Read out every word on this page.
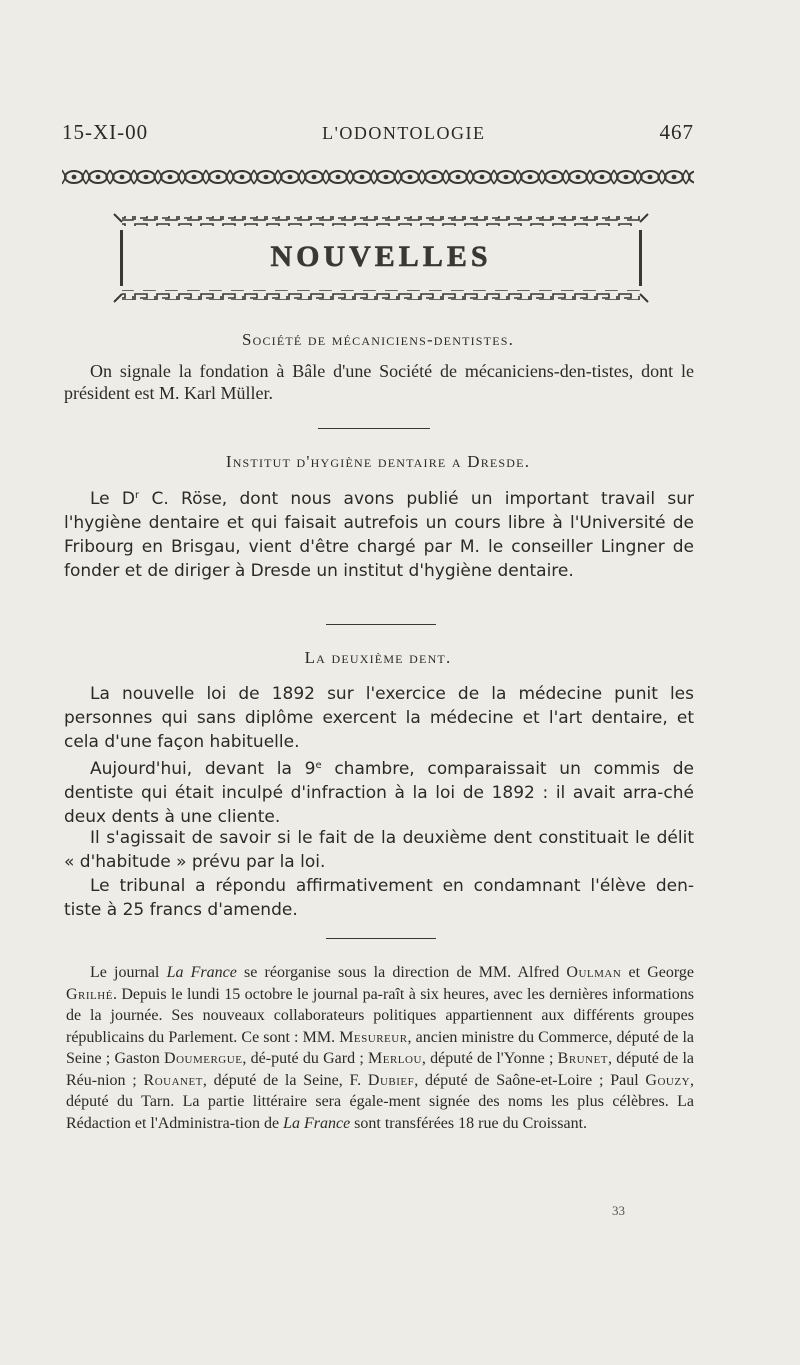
15-XI-00	L'ODONTOLOGIE	467
NOUVELLES
Société de mécaniciens-dentistes.
On signale la fondation à Bâle d'une Société de mécaniciens-den-tistes, dont le président est M. Karl Müller.
Institut d'hygiène dentaire a Dresde.
Le $D^r$ C. Röse, dont nous avons publié un important travail sur l'hygiène dentaire et qui faisait autrefois un cours libre à l'Université de Fribourg en Brisgau, vient d'être chargé par M. le conseiller Lingner de fonder et de diriger à Dresde un institut d'hygiène dentaire.
La deuxième dent.
La nouvelle loi de 1892 sur l'exercice de la médecine punit les personnes qui sans diplôme exercent la médecine et l'art dentaire, et cela d'une façon habituelle.
Aujourd'hui, devant la 9e chambre, comparaissait un commis de dentiste qui était inculpé d'infraction à la loi de 1892 : il avait arra-ché deux dents à une cliente.
Il s'agissait de savoir si le fait de la deuxième dent constituait le délit « d'habitude » prévu par la loi.
Le tribunal a répondu affirmativement en condamnant l'élève den-tiste à 25 francs d'amende.
Le journal La France se réorganise sous la direction de MM. Alfred Oulman et George Grilhé. Depuis le lundi 15 octobre le journal pa-raît à six heures, avec les dernières informations de la journée. Ses nouveaux collaborateurs politiques appartiennent aux différents groupes républicains du Parlement. Ce sont : MM. Mesureur, ancien ministre du Commerce, député de la Seine ; Gaston Doumergue, dé-puté du Gard ; Merlou, député de l'Yonne ; Brunet, député de la Réu-nion ; Rouanet, député de la Seine, F. Dubief, député de Saône-et-Loire ; Paul Gouzy, député du Tarn. La partie littéraire sera égale-ment signée des noms les plus célèbres. La Rédaction et l'Administra-tion de La France sont transférées 18 rue du Croissant.
33
